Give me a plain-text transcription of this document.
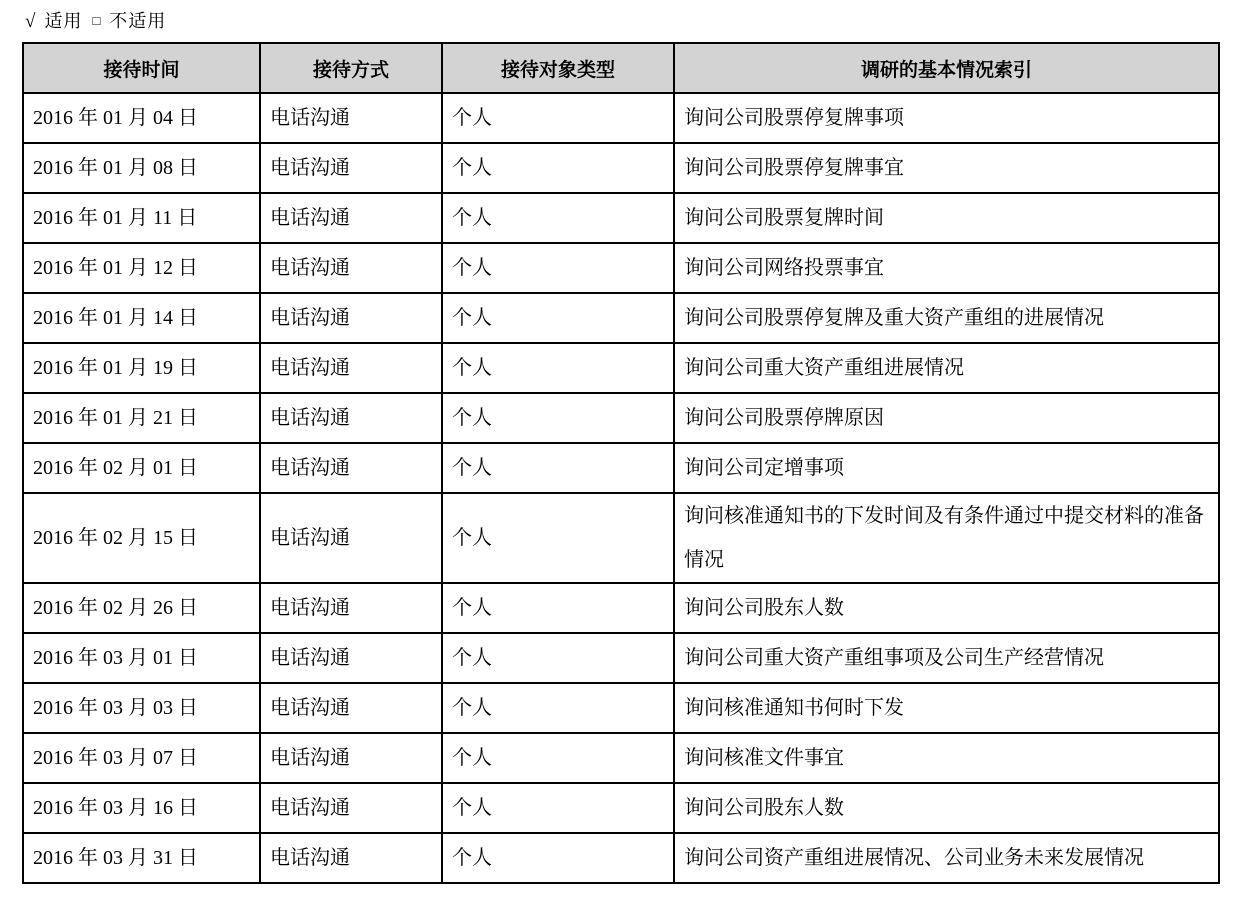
√ 适用 □ 不适用
接待时间	接待方式	接待对象类型	调研的基本情况索引
2016 年 01 月 04 日	电话沟通	个人	询问公司股票停复牌事项
2016 年 01 月 08 日	电话沟通	个人	询问公司股票停复牌事宜
2016 年 01 月 11 日	电话沟通	个人	询问公司股票复牌时间
2016 年 01 月 12 日	电话沟通	个人	询问公司网络投票事宜
2016 年 01 月 14 日	电话沟通	个人	询问公司股票停复牌及重大资产重组的进展情况
2016 年 01 月 19 日	电话沟通	个人	询问公司重大资产重组进展情况
2016 年 01 月 21 日	电话沟通	个人	询问公司股票停牌原因
2016 年 02 月 01 日	电话沟通	个人	询问公司定增事项
2016 年 02 月 15 日	电话沟通	个人	询问核准通知书的下发时间及有条件通过中提交材料的准备情况
2016 年 02 月 26 日	电话沟通	个人	询问公司股东人数
2016 年 03 月 01 日	电话沟通	个人	询问公司重大资产重组事项及公司生产经营情况
2016 年 03 月 03 日	电话沟通	个人	询问核准通知书何时下发
2016 年 03 月 07 日	电话沟通	个人	询问核准文件事宜
2016 年 03 月 16 日	电话沟通	个人	询问公司股东人数
2016 年 03 月 31 日	电话沟通	个人	询问公司资产重组进展情况、公司业务未来发展情况
